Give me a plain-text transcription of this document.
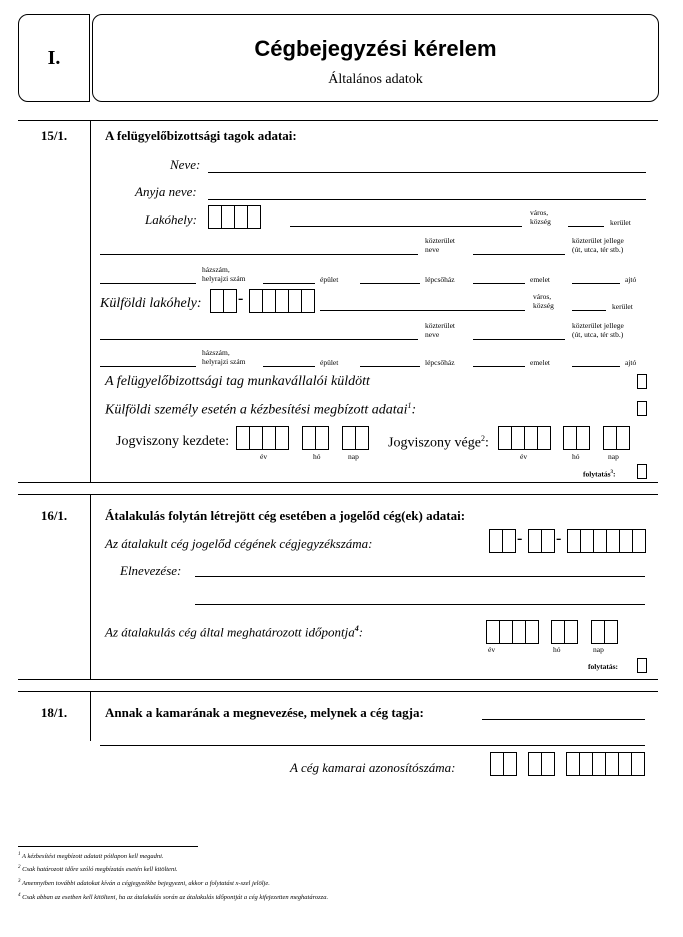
I.	Cégbejegyzési kérelem
Általános adatok
15/1.	A felügyelőbizottsági tagok adatai:
Neve:
Anyja neve:
Lakóhely:	város,
község	kerület
közterület
neve
közterület jellege
(út, utca, tér stb.)
házszám,
helyrajzi szám	épület	lépcsőház	emelet	ajtó
Külföldi lakóhely: -	város,
község	kerület
közterület
neve
közterület jellege
(út, utca, tér stb.)
házszám,
helyrajzi szám	épület	lépcsőház	emelet	ajtó
A felügyelőbizottsági tag munkavállalói küldött
Külföldi személy esetén a kézbesítési megbízott adatai$^1$:
Jogviszony kezdete:
év	hó	nap
Jogviszony vége$^2$:
év	hó	nap
folytatás$^3$:
16/1.	Átalakulás folytán létrejött cég esetében a jogelőd cég(ek) adatai:
Az átalakult cég jogelőd cégének cégjegyzékszáma:	- -
Elnevezése:
Az átalakulás cég által meghatározott időpontja$^4$:
év	hó	nap
folytatás:
18/1.	Annak a kamarának a megnevezése, melynek a cég tagja:
A cég kamarai azonosítószáma:
$^1$ A kézbesítési megbízott adatait pótlapon kell megadni.
$^2$ Csak határozott időre szóló megbízatás esetén kell kitölteni.
$^3$ Amennyiben további adatokat kíván a cégjegyzékbe bejegyezni, akkor a folytatást x-szel jelölje.
$^4$ Csak abban az esetben kell kitölteni, ha az átalakulás során az átalakulás időpontját a cég kifejezetten meghatározza.
